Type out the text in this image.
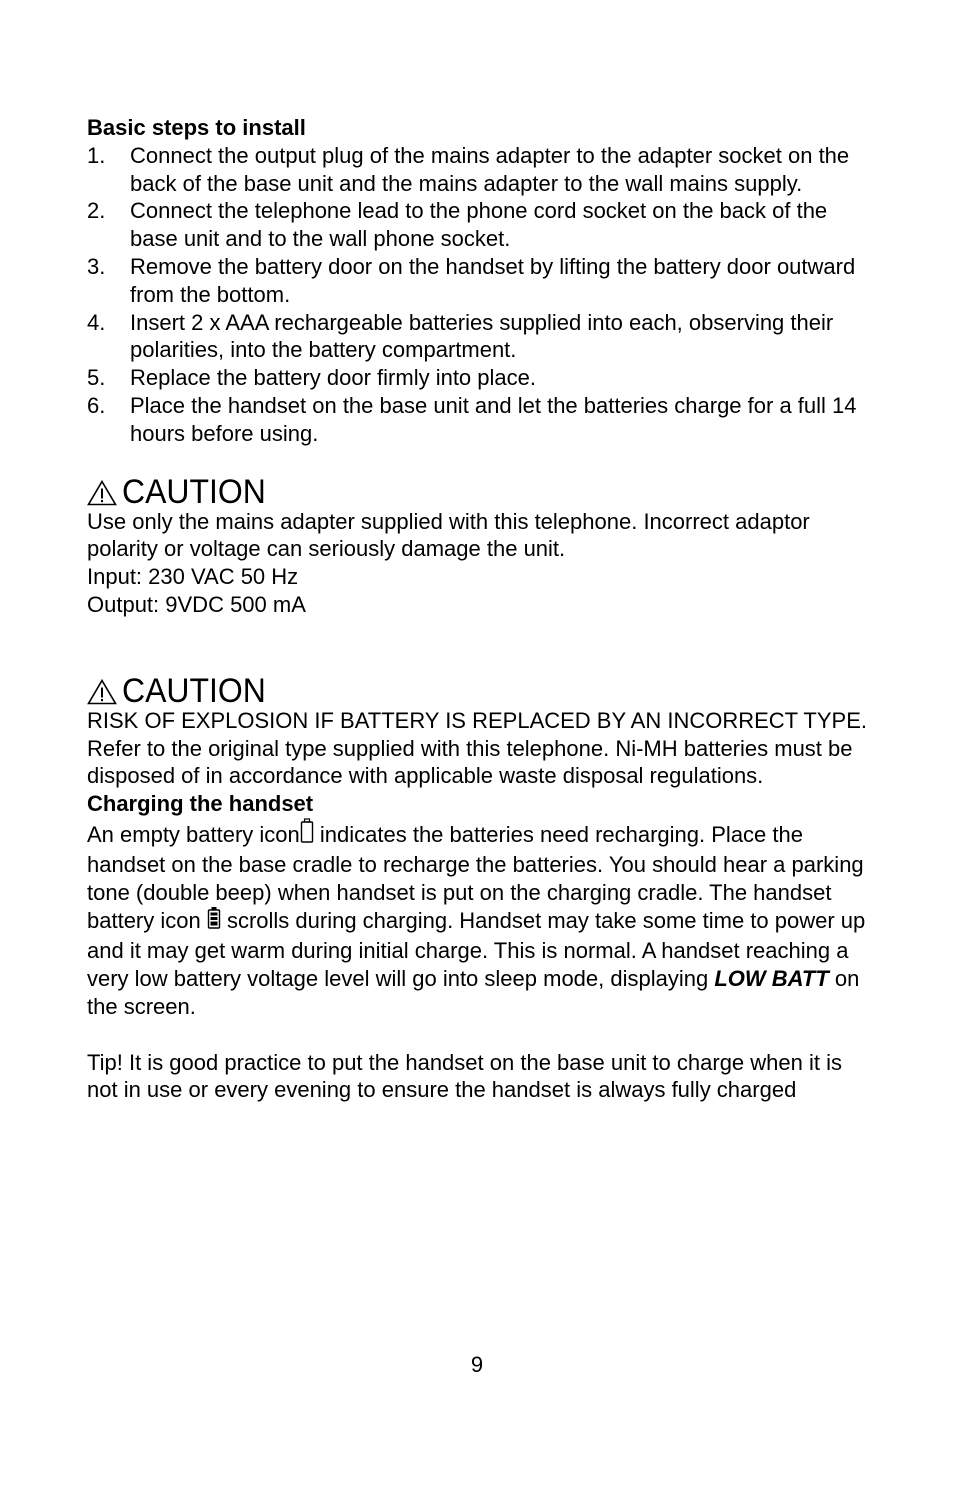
Basic steps to install

1. Connect the output plug of the mains adapter to the adapter socket on the back of the base unit and the mains adapter to the wall mains supply.
2. Connect the telephone lead to the phone cord socket on the back of the base unit and to the wall phone socket.
3. Remove the battery door on the handset by lifting the battery door outward from the bottom.
4. Insert 2 x AAA rechargeable batteries supplied into each, observing their polarities, into the battery compartment.
5. Replace the battery door firmly into place.
6. Place the handset on the base unit and let the batteries charge for a full 14 hours before using.
CAUTION

Use only the mains adapter supplied with this telephone. Incorrect adaptor polarity or voltage can seriously damage the unit.

Input: 230 VAC 50 Hz

Output: 9VDC 500 mA

CAUTION

RISK OF EXPLOSION IF BATTERY IS REPLACED BY AN INCORRECT TYPE. Refer to the original type supplied with this telephone. Ni-MH batteries must be disposed of in accordance with applicable waste disposal regulations.

Charging the handset

An empty battery icon indicates the batteries need recharging. Place the handset on the base cradle to recharge the batteries. You should hear a parking tone (double beep) when handset is put on the charging cradle. The handset battery icon  scrolls during charging. Handset may take some time to power up and it may get warm during initial charge. This is normal. A handset reaching a very low battery voltage level will go into sleep mode, displaying LOW BATT on the screen.

Tip! It is good practice to put the handset on the base unit to charge when it is not in use or every evening to ensure the handset is always fully charged

9
